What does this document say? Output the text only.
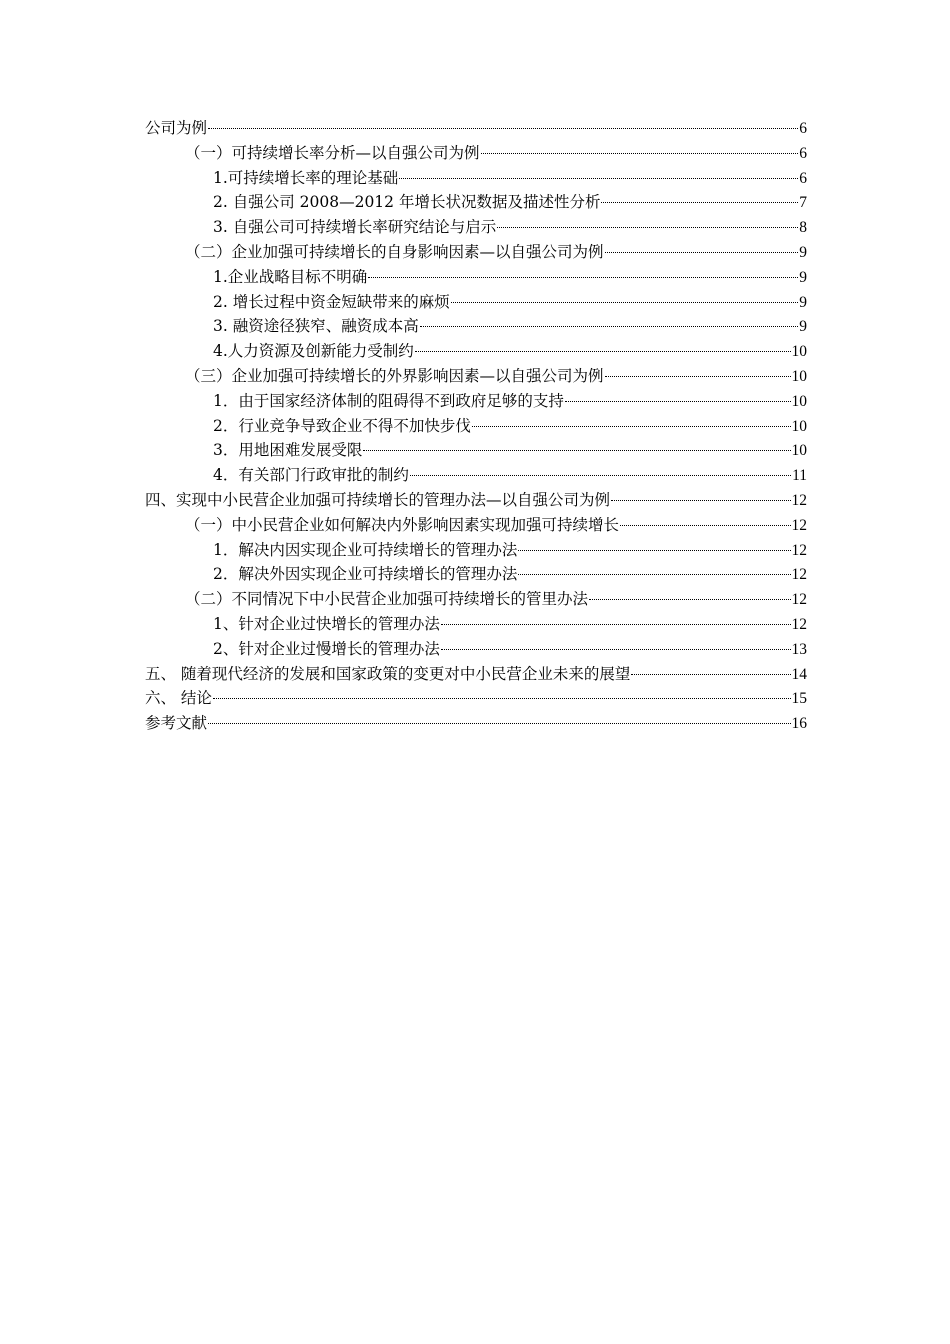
公司为例	6
（一）可持续增长率分析—以自强公司为例	6
1.可持续增长率的理论基础	6
2. 自强公司 2008—2012 年增长状况数据及描述性分析	7
3. 自强公司可持续增长率研究结论与启示	8
（二）企业加强可持续增长的自身影响因素—以自强公司为例	9
1.企业战略目标不明确	9
2. 增长过程中资金短缺带来的麻烦	9
3. 融资途径狭窄、融资成本高	9
4.人力资源及创新能力受制约	10
（三）企业加强可持续增长的外界影响因素—以自强公司为例	10
1．由于国家经济体制的阻碍得不到政府足够的支持	10
2．行业竞争导致企业不得不加快步伐	10
3．用地困难发展受限	10
4．有关部门行政审批的制约	11
四、实现中小民营企业加强可持续增长的管理办法—以自强公司为例	12
（一）中小民营企业如何解决内外影响因素实现加强可持续增长	12
1．解决内因实现企业可持续增长的管理办法	12
2．解决外因实现企业可持续增长的管理办法	12
（二）不同情况下中小民营企业加强可持续增长的管里办法	12
1、针对企业过快增长的管理办法	12
2、针对企业过慢增长的管理办法	13
五、 随着现代经济的发展和国家政策的变更对中小民营企业未来的展望	14
六、 结论	15
参考文献	16
